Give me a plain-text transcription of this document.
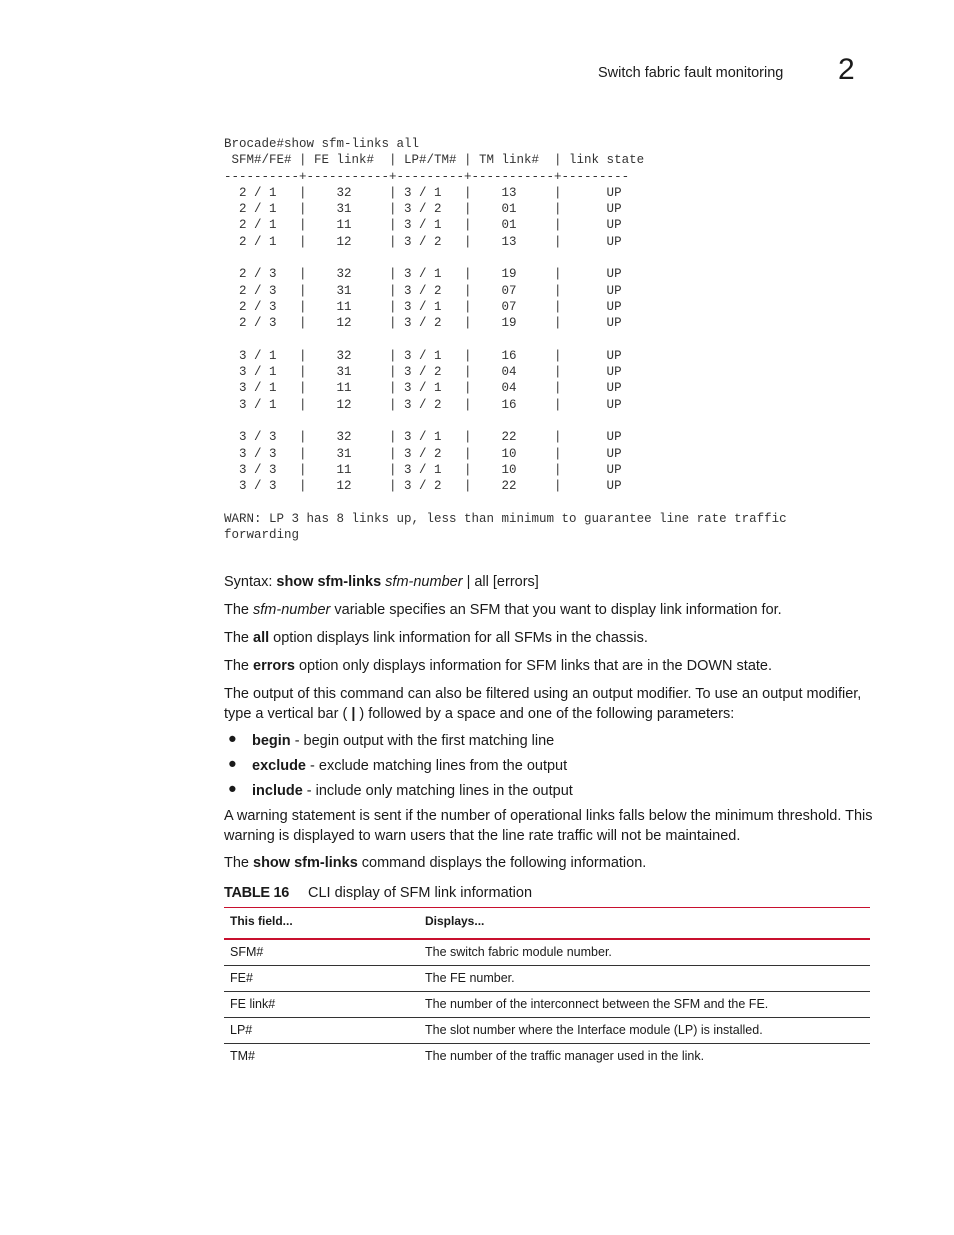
Switch fabric fault monitoring 2
Brocade#show sfm-links all
SFM#/FE# | FE link#  | LP#/TM# | TM link#  | link state
----------+-----------+---------+-----------+---------
2 / 1   |    32     | 3 / 1   |    13     |      UP
2 / 1   |    31     | 3 / 2   |    01     |      UP
2 / 1   |    11     | 3 / 1   |    01     |      UP
2 / 1   |    12     | 3 / 2   |    13     |      UP

2 / 3   |    32     | 3 / 1   |    19     |      UP
2 / 3   |    31     | 3 / 2   |    07     |      UP
2 / 3   |    11     | 3 / 1   |    07     |      UP
2 / 3   |    12     | 3 / 2   |    19     |      UP

3 / 1   |    32     | 3 / 1   |    16     |      UP
3 / 1   |    31     | 3 / 2   |    04     |      UP
3 / 1   |    11     | 3 / 1   |    04     |      UP
3 / 1   |    12     | 3 / 2   |    16     |      UP

3 / 3   |    32     | 3 / 1   |    22     |      UP
3 / 3   |    31     | 3 / 2   |    10     |      UP
3 / 3   |    11     | 3 / 1   |    10     |      UP
3 / 3   |    12     | 3 / 2   |    22     |      UP

WARN: LP 3 has 8 links up, less than minimum to guarantee line rate traffic
forwarding
Syntax: show sfm-links sfm-number | all [errors]

The sfm-number variable specifies an SFM that you want to display link information for.

The all option displays link information for all SFMs in the chassis.

The errors option only displays information for SFM links that are in the DOWN state.

The output of this command can also be filtered using an output modifier. To use an output modifier, type a vertical bar ( | ) followed by a space and one of the following parameters:

● begin - begin output with the first matching line
● exclude - exclude matching lines from the output
● include - include only matching lines in the output

A warning statement is sent if the number of operational links falls below the minimum threshold. This warning is displayed to warn users that the line rate traffic will not be maintained.

The show sfm-links command displays the following information.

TABLE 16 CLI display of SFM link information
This field...	Displays...
SFM#	The switch fabric module number.
FE#	The FE number.
FE link#	The number of the interconnect between the SFM and the FE.
LP#	The slot number where the Interface module (LP) is installed.
TM#	The number of the traffic manager used in the link.
